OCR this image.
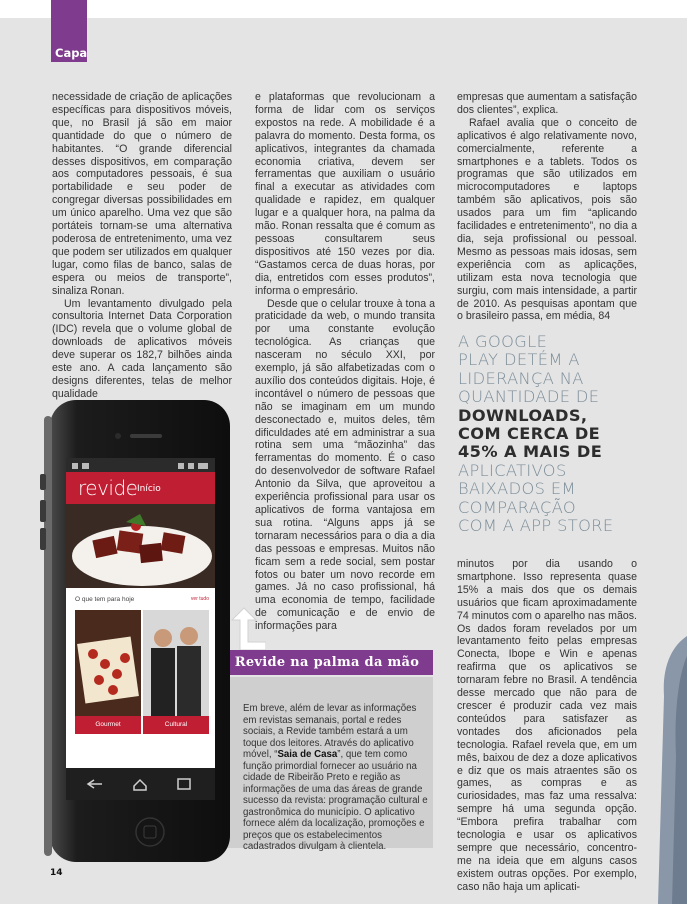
Capa

necessidade de criação de aplicações específicas para dispositivos móveis, que, no Brasil já são em maior quantidade do que o número de habitantes. “O grande diferencial desses dispositivos, em comparação aos computadores pessoais, é sua portabilidade e seu poder de congregar diversas possibilidades em um único aparelho. Uma vez que são portáteis tornam-se uma alternativa poderosa de entretenimento, uma vez que podem ser utilizados em qualquer lugar, como filas de banco, salas de espera ou meios de transporte”, sinaliza Ronan.

Um levantamento divulgado pela consultoria Internet Data Corporation (IDC) revela que o volume global de downloads de aplicativos móveis deve superar os 182,7 bilhões ainda este ano. A cada lançamento são designs diferentes, telas de melhor qualidade

e plataformas que revolucionam a forma de lidar com os serviços expostos na rede. A mobilidade é a palavra do momento. Desta forma, os aplicativos, integrantes da chamada economia criativa, devem ser ferramentas que auxiliam o usuário final a executar as atividades com qualidade e rapidez, em qualquer lugar e a qualquer hora, na palma da mão. Ronan ressalta que é comum as pessoas consultarem seus dispositivos até 150 vezes por dia. “Gastamos cerca de duas horas, por dia, entretidos com esses produtos”, informa o empresário.

Desde que o celular trouxe à tona a praticidade da web, o mundo transita por uma constante evolução tecnológica. As crianças que nasceram no século XXI, por exemplo, já são alfabetizadas com o auxílio dos conteúdos digitais. Hoje, é incontável o número de pessoas que não se imaginam em um mundo desconectado e, muitos deles, têm dificuldades até em administrar a sua rotina sem uma “mãozinha” das ferramentas do momento. É o caso do desenvolvedor de software Rafael Antonio da Silva, que aproveitou a experiência profissional para usar os aplicativos de forma vantajosa em sua rotina. “Alguns apps já se tornaram necessários para o dia a dia das pessoas e empresas. Muitos não ficam sem a rede social, sem postar fotos ou bater um novo recorde em games. Já no caso profissional, há uma economia de tempo, facilidade de comunicação e de envio de informações para

empresas que aumentam a satisfação dos clientes”, explica.

Rafael avalia que o conceito de aplicativos é algo relativamente novo, comercialmente, referente a smartphones e a tablets. Todos os programas que são utilizados em microcomputadores e laptops também são aplicativos, pois são usados para um fim “aplicando facilidades e entretenimento”, no dia a dia, seja profissional ou pessoal. Mesmo as pessoas mais idosas, sem experiência com as aplicações, utilizam esta nova tecnologia que surgiu, com mais intensidade, a partir de 2010. As pesquisas apontam que o brasileiro passa, em média, 84

A GOOGLE
PLAY DETÉM A
LIDERANÇA NA
QUANTIDADE DE
DOWNLOADS,
COM CERCA DE
45% A MAIS DE
APLICATIVOS
BAIXADOS EM
COMPARAÇÃO
COM A APP STORE

minutos por dia usando o smartphone. Isso representa quase 15% a mais dos que os demais usuários que ficam aproximadamente 74 minutos com o aparelho nas mãos. Os dados foram revelados por um levantamento feito pelas empresas Conecta, Ibope e Win e apenas reafirma que os aplicativos se tornaram febre no Brasil. A tendência desse mercado que não para de crescer é produzir cada vez mais conteúdos para satisfazer as vontades dos aficionados pela tecnologia. Rafael revela que, em um mês, baixou de dez a doze aplicativos e diz que os mais atraentes são os games, as compras e as curiosidades, mas faz uma ressalva: sempre há uma segunda opção. “Embora prefira trabalhar com tecnologia e usar os aplicativos sempre que necessário, concentro-me na ideia que em alguns casos existem outras opções. Por exemplo, caso não haja um aplicati-

Revide na palma da mão

Em breve, além de levar as informações em revistas semanais, portal e redes sociais, a Revide também estará a um toque dos leitores. Através do aplicativo móvel, “Saia de Casa”, que tem como função primordial fornecer ao usuário na cidade de Ribeirão Preto e região as informações de uma das áreas de grande sucesso da revista: programação cultural e gastronômica do município. O aplicativo fornece além da localização, promoções e preços que os estabelecimentos cadastrados divulgam à clientela.

revide Início
O que tem para hoje	ver tudo
Gourmet	Cultural
14
